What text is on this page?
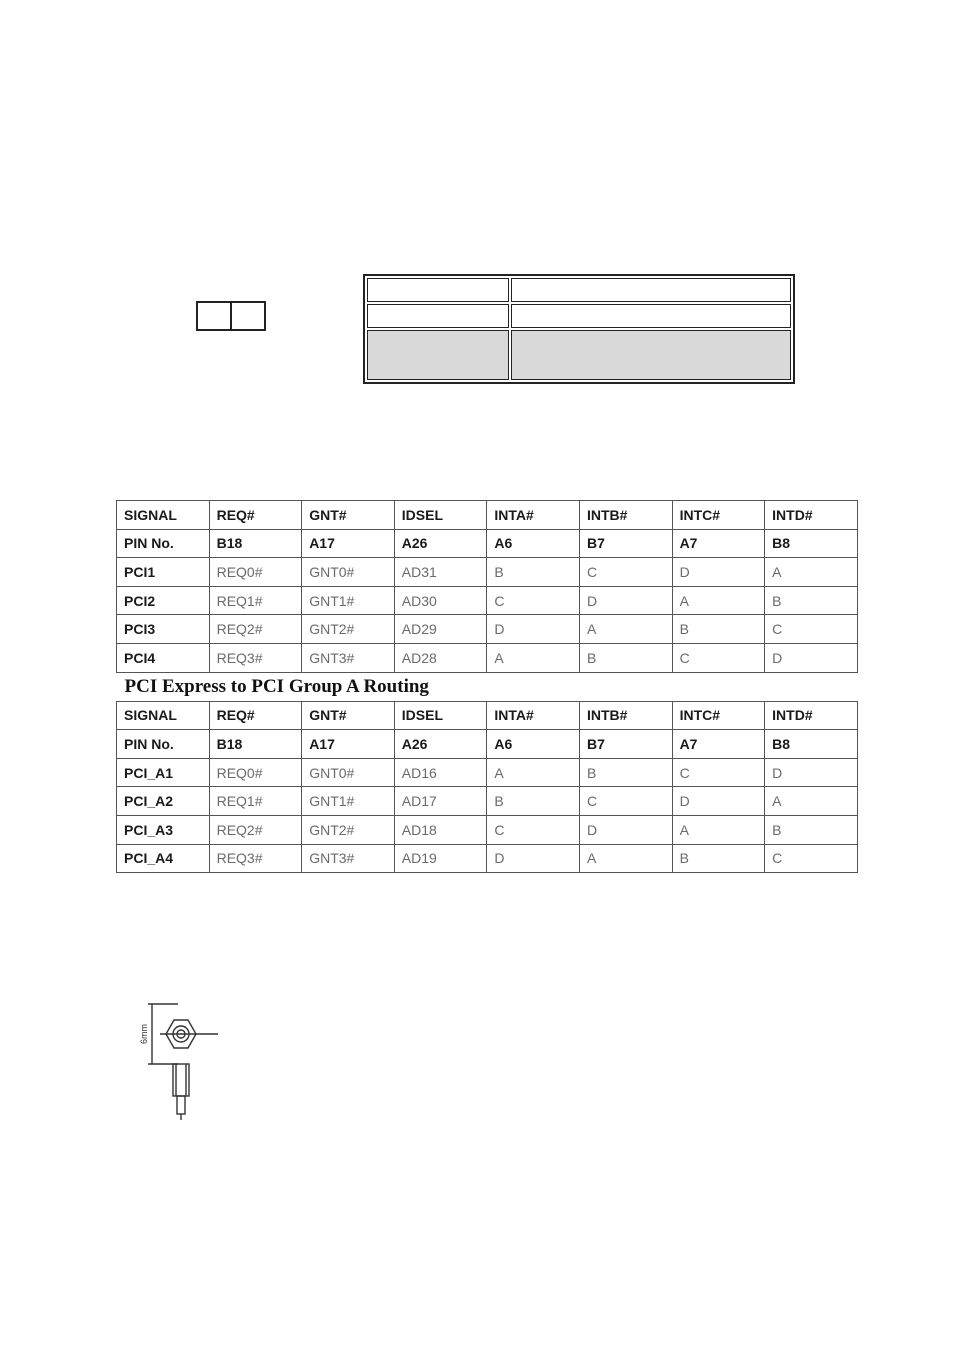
SIGNAL	REQ#	GNT#	IDSEL	INTA#	INTB#	INTC#	INTD#
PIN No.	B18	A17	A26	A6	B7	A7	B8
PCI1	REQ0#	GNT0#	AD31	B	C	D	A
PCI2	REQ1#	GNT1#	AD30	C	D	A	B
PCI3	REQ2#	GNT2#	AD29	D	A	B	C
PCI4	REQ3#	GNT3#	AD28	A	B	C	D
PCI Express to PCI Group A Routing							
SIGNAL	REQ#	GNT#	IDSEL	INTA#	INTB#	INTC#	INTD#
PIN No.	B18	A17	A26	A6	B7	A7	B8
PCI_A1	REQ0#	GNT0#	AD16	A	B	C	D
PCI_A2	REQ1#	GNT1#	AD17	B	C	D	A
PCI_A3	REQ2#	GNT2#	AD18	C	D	A	B
PCI_A4	REQ3#	GNT3#	AD19	D	A	B	C
6mm
